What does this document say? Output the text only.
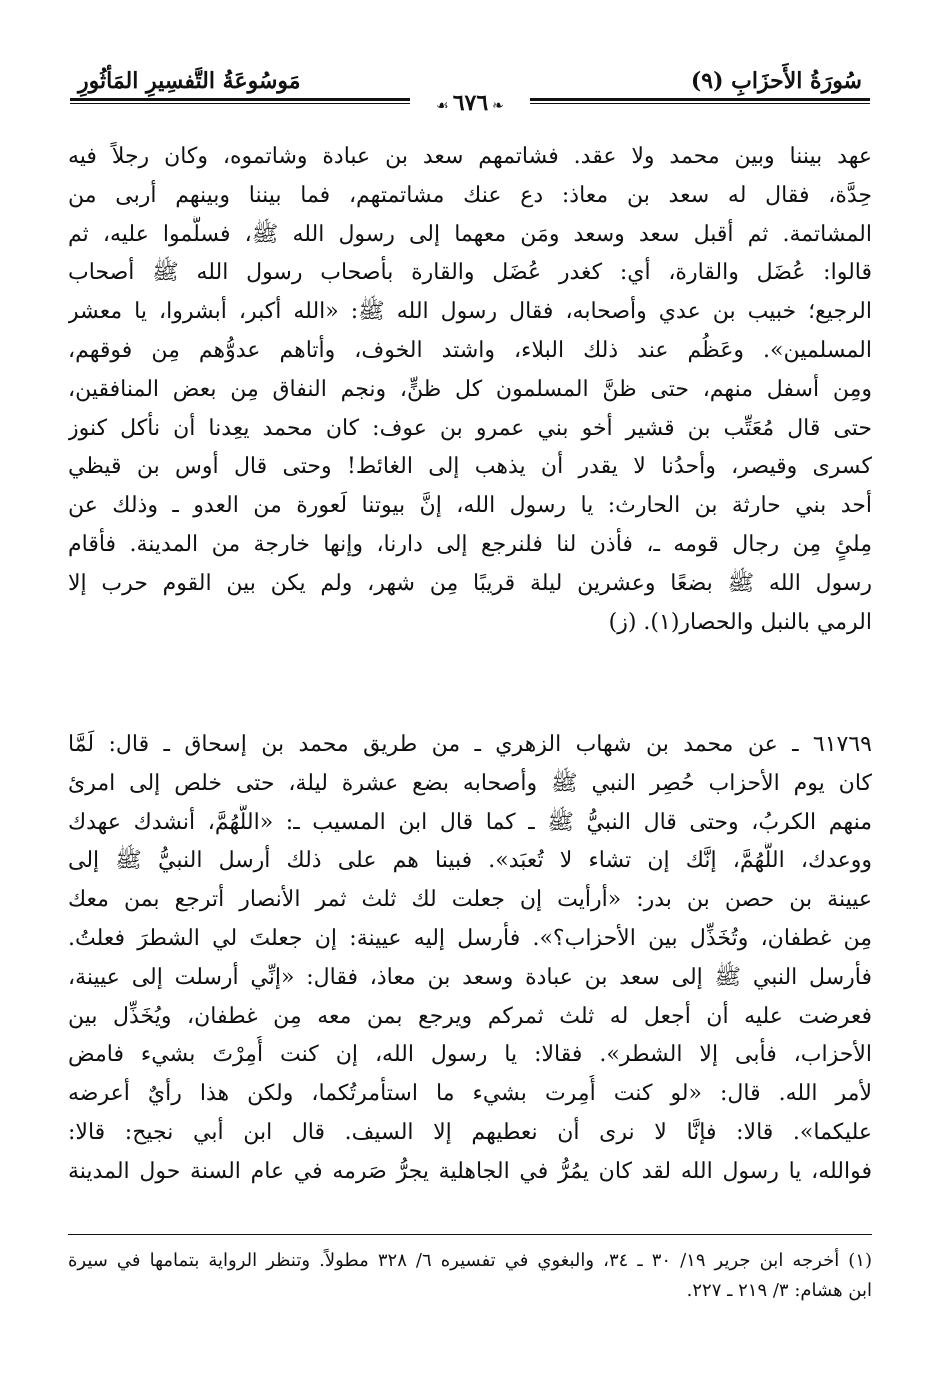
سُورَةُ الأَحزَابِ (٩)
مَوسُوعَةُ التَّفسِيرِ المَأثُورِ
❧٦٧٦☙
عهد بيننا وبين محمد ولا عقد. فشاتمهم سعد بن عبادة وشاتموه، وكان رجلاً فيه
حِدَّة، فقال له سعد بن معاذ: دع عنك مشاتمتهم، فما بيننا وبينهم أربى من
المشاتمة. ثم أقبل سعد وسعد ومَن معهما إلى رسول الله ﷺ، فسلَّموا عليه، ثم
قالوا: عُضَل والقارة، أي: كغدر عُضَل والقارة بأصحاب رسول الله ﷺ أصحاب
الرجيع؛ خبيب بن عدي وأصحابه، فقال رسول الله ﷺ: «الله أكبر، أبشروا، يا معشر
المسلمين». وعَظُم عند ذلك البلاء، واشتد الخوف، وأتاهم عدوُّهم مِن فوقهم،
ومِن أسفل منهم، حتى ظنَّ المسلمون كل ظنٍّ، ونجم النفاق مِن بعض المنافقين،
حتى قال مُعَتِّب بن قشير أخو بني عمرو بن عوف: كان محمد يعِدنا أن نأكل كنوز
كسرى وقيصر، وأحدُنا لا يقدر أن يذهب إلى الغائط! وحتى قال أوس بن قيظي
أحد بني حارثة بن الحارث: يا رسول الله، إنَّ بيوتنا لَعورة من العدو ـ وذلك عن
مِلئٍ مِن رجال قومه ـ، فأذن لنا فلنرجع إلى دارنا، وإنها خارجة من المدينة. فأقام
رسول الله ﷺ بضعًا وعشرين ليلة قريبًا مِن شهر، ولم يكن بين القوم حرب إلا
الرمي بالنبل والحصار(١). (ز)
٦١٧٦٩ ـ عن محمد بن شهاب الزهري ـ من طريق محمد بن إسحاق ـ قال: لَمَّا
كان يوم الأحزاب حُصِر النبي ﷺ وأصحابه بضع عشرة ليلة، حتى خلص إلى امرئ
منهم الكربُ، وحتى قال النبيُّ ﷺ ـ كما قال ابن المسيب ـ: «اللَّهُمَّ، أنشدك عهدك
ووعدك، اللَّهُمَّ، إنَّك إن تشاء لا تُعبَد». فبينا هم على ذلك أرسل النبيُّ ﷺ إلى
عيينة بن حصن بن بدر: «أرأيت إن جعلت لك ثلث ثمر الأنصار أترجع بمن معك
مِن غطفان، وتُخَذِّل بين الأحزاب؟». فأرسل إليه عيينة: إن جعلتَ لي الشطرَ فعلتُ.
فأرسل النبي ﷺ إلى سعد بن عبادة وسعد بن معاذ، فقال: «إنِّي أرسلت إلى عيينة،
فعرضت عليه أن أجعل له ثلث ثمركم ويرجع بمن معه مِن غطفان، ويُخَذِّل بين
الأحزاب، فأبى إلا الشطر». فقالا: يا رسول الله، إن كنت أُمِرْتَ بشيء فامض
لأمر الله. قال: «لو كنت أُمِرت بشيء ما استأمرتُكما، ولكن هذا رأيٌ أعرضه
عليكما». قالا: فإنَّا لا نرى أن نعطيهم إلا السيف. قال ابن أبي نجيح: قالا:
فوالله، يا رسول الله لقد كان يمُرُّ في الجاهلية يجرُّ صَرمه في عام السنة حول المدينة
(١) أخرجه ابن جرير ١٩/ ٣٠ ـ ٣٤، والبغوي في تفسيره ٦/ ٣٢٨ مطولاً. وتنظر الرواية بتمامها في سيرة
ابن هشام: ٣/ ٢١٩ ـ ٢٢٧.
